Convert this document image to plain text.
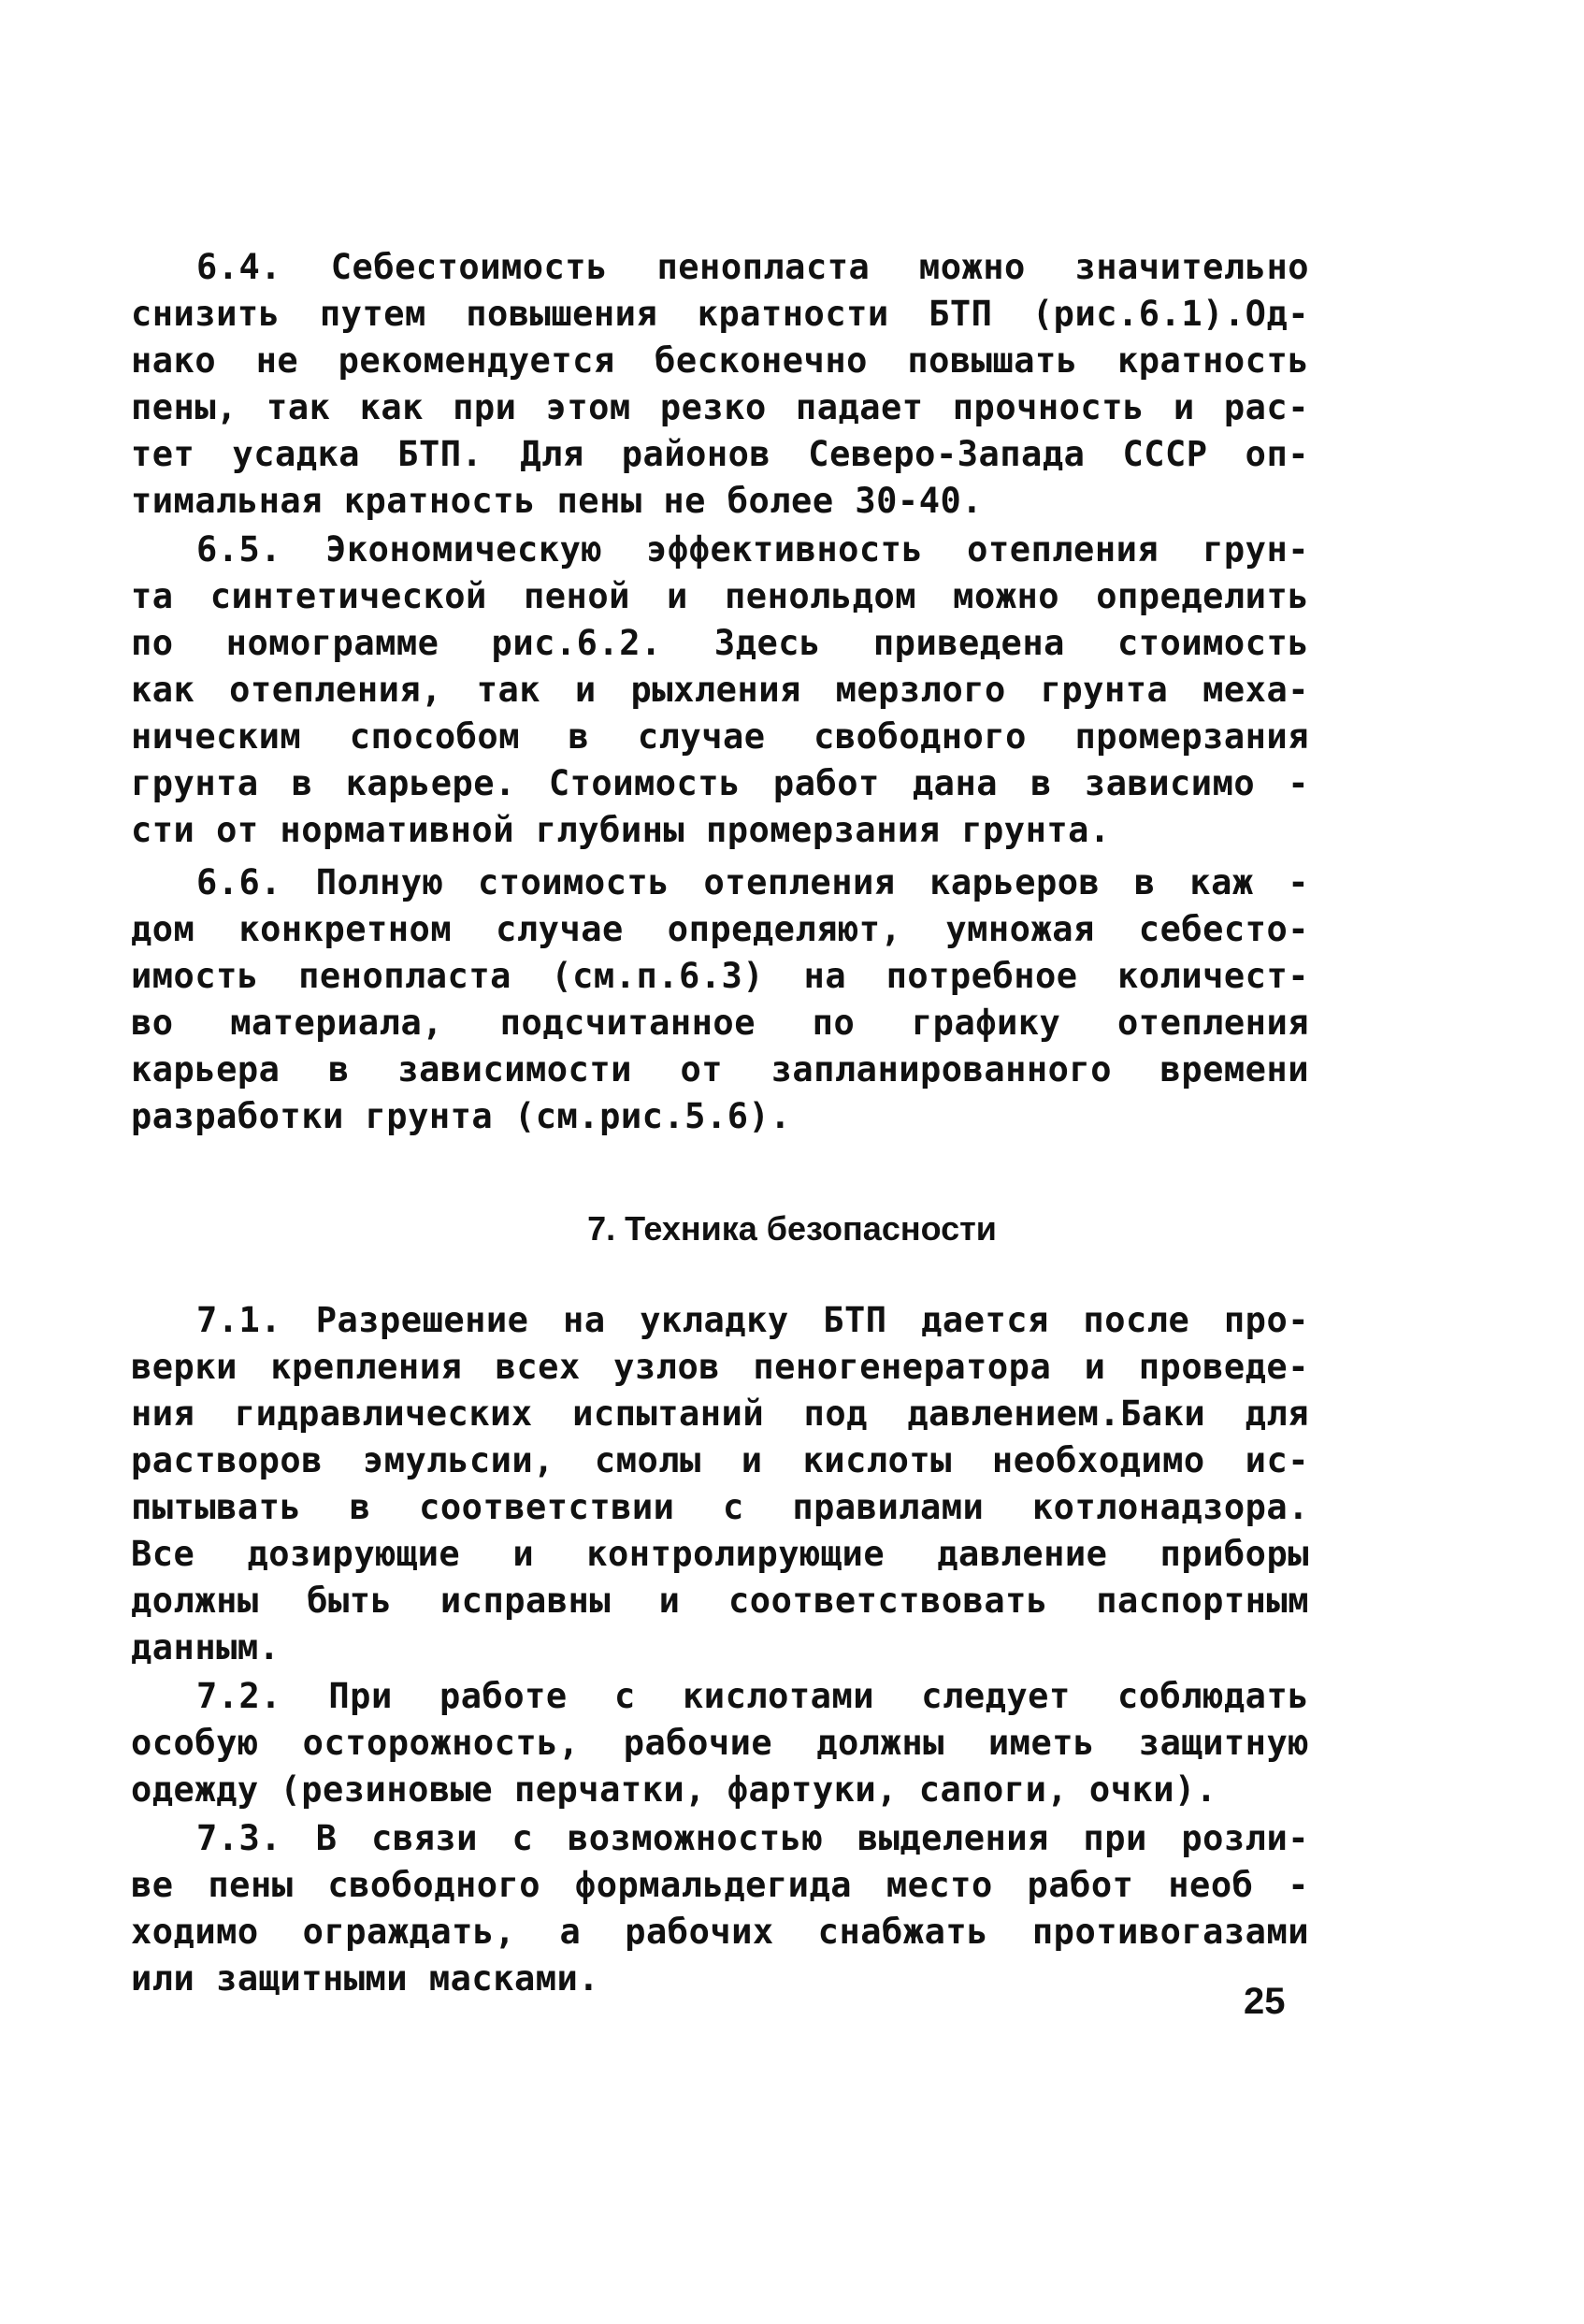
6.4. Себестоимость пенопласта можно значительно
снизить путем повышения кратности БТП (рис.6.1).Од-
нако не рекомендуется бесконечно повышать кратность
пены, так как при этом резко падает прочность и рас-
тет усадка БТП. Для районов Северо-Запада СССР оп-
тимальная кратность пены не более 30-40.
6.5. Экономическую эффективность отепления грун-
та синтетической пеной и пенольдом можно определить
по номограмме рис.6.2. Здесь приведена стоимость
как отепления, так и рыхления мерзлого грунта меха-
ническим способом в случае свободного промерзания
грунта в карьере. Стоимость работ дана в зависимо -
сти от нормативной глубины промерзания грунта.
6.6. Полную стоимость отепления карьеров в каж -
дом конкретном случае определяют, умножая себесто-
имость пенопласта (см.п.6.3) на потребное количест-
во материала, подсчитанное по графику отепления
карьера в зависимости от запланированного времени
разработки грунта (см.рис.5.6).
7. Техника безопасности
7.1. Разрешение на укладку БТП дается после про-
верки крепления всех узлов пеногенератора и проведе-
ния гидравлических испытаний под давлением.Баки для
растворов эмульсии, смолы и кислоты необходимо ис-
пытывать в соответствии с правилами котлонадзора.
Все дозирующие и контролирующие давление приборы
должны быть исправны и соответствовать паспортным
данным.
7.2. При работе с кислотами следует соблюдать
особую осторожность, рабочие должны иметь защитную
одежду (резиновые перчатки, фартуки, сапоги, очки).
7.3. В связи с возможностью выделения при розли-
ве пены свободного формальдегида место работ необ -
ходимо ограждать, а рабочих снабжать противогазами
или защитными масками.
25
